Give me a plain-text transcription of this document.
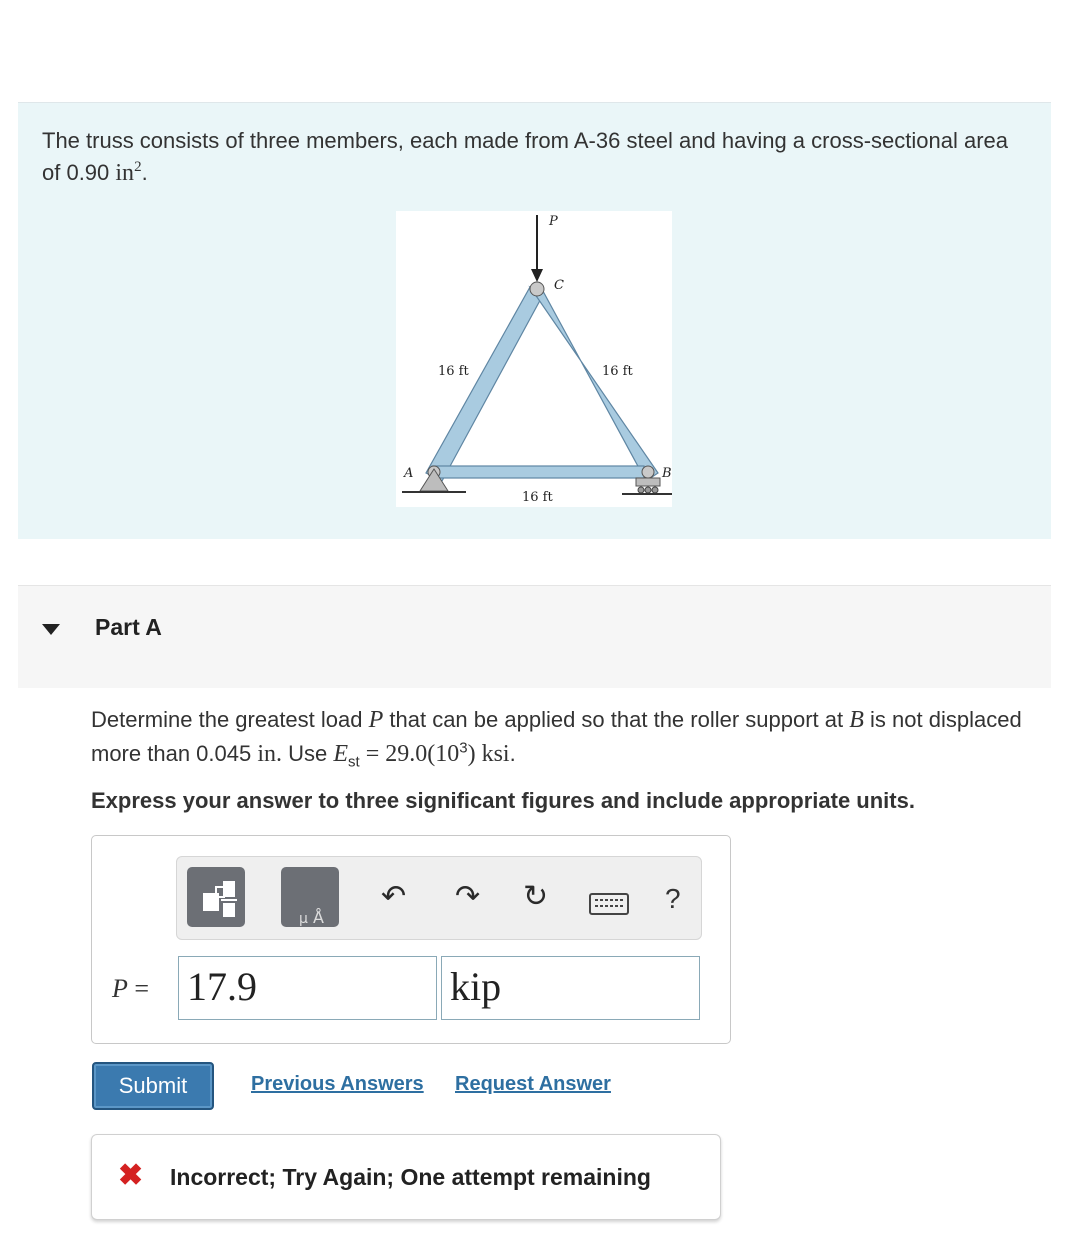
The truss consists of three members, each made from A-36 steel and having a cross-sectional area of 0.90 $in^2$.
P
C
A	B
16 ft	16 ft
16 ft
Part A
Determine the greatest load P that can be applied so that the roller support at B is not displaced more than 0.045 in. Use $E_{st} = 29.0(10^3)$ ksi.
Express your answer to three significant figures and include appropriate units.
μ Å
↶ ↷ ↻	?
P = 17.9	kip
Submit	Previous Answers Request Answer
✖ Incorrect; Try Again; One attempt remaining
